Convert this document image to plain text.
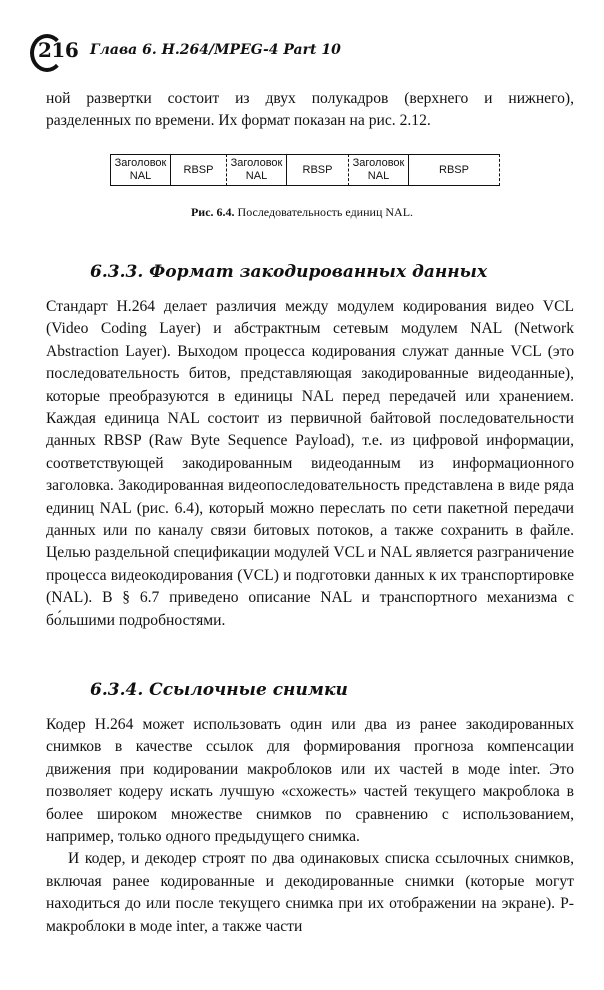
216 Глава 6. H.264/MPEG-4 Part 10

ной развертки состоит из двух полукадров (верхнего и нижнего),

разделенных по времени. Их формат показан на рис. 2.12.

Заголовок
NAL
RBSP
Заголовок
NAL
RBSP
Заголовок
NAL
RBSP
Рис. 6.4. Последовательность единиц NAL.
6.3.3. Формат закодированных данных

Стандарт H.264 делает различия между модулем кодирования видео VCL (Video Coding Layer) и абстрактным сетевым модулем NAL (Network Abstraction Layer). Выходом процесса кодирования служат данные VCL (это последовательность битов, представляющая закодированные видеоданные), которые преобразуются в единицы NAL перед передачей или хранением. Каждая единица NAL состоит из первичной байтовой последовательности данных RBSP (Raw Byte Sequence Payload), т.е. из цифровой информации, соответствующей закодированным видеоданным из информационного заголовка. Закодированная видеопоследовательность представлена в виде ряда единиц NAL (рис. 6.4), который можно переслать по сети пакетной передачи данных или по каналу связи битовых потоков, а также сохранить в файле. Целью раздельной спецификации модулей VCL и NAL является разграничение процесса видеокодирования (VCL) и подготовки данных к их транспортировке (NAL). В § 6.7 приведено описание NAL и транспортного механизма с бо́льшими подробностями.

6.3.4. Ссылочные снимки

Кодер H.264 может использовать один или два из ранее закодированных снимков в качестве ссылок для формирования прогноза компенсации движения при кодировании макроблоков или их частей в моде inter. Это позволяет кодеру искать лучшую «схожесть» частей текущего макроблока в более широком множестве снимков по сравнению с использованием, например, только одного предыдущего снимка.

И кодер, и декодер строят по два одинаковых списка ссылочных снимков, включая ранее кодированные и декодированные снимки (которые могут находиться до или после текущего снимка при их отображении на экране). P-макроблоки в моде inter, а также части
